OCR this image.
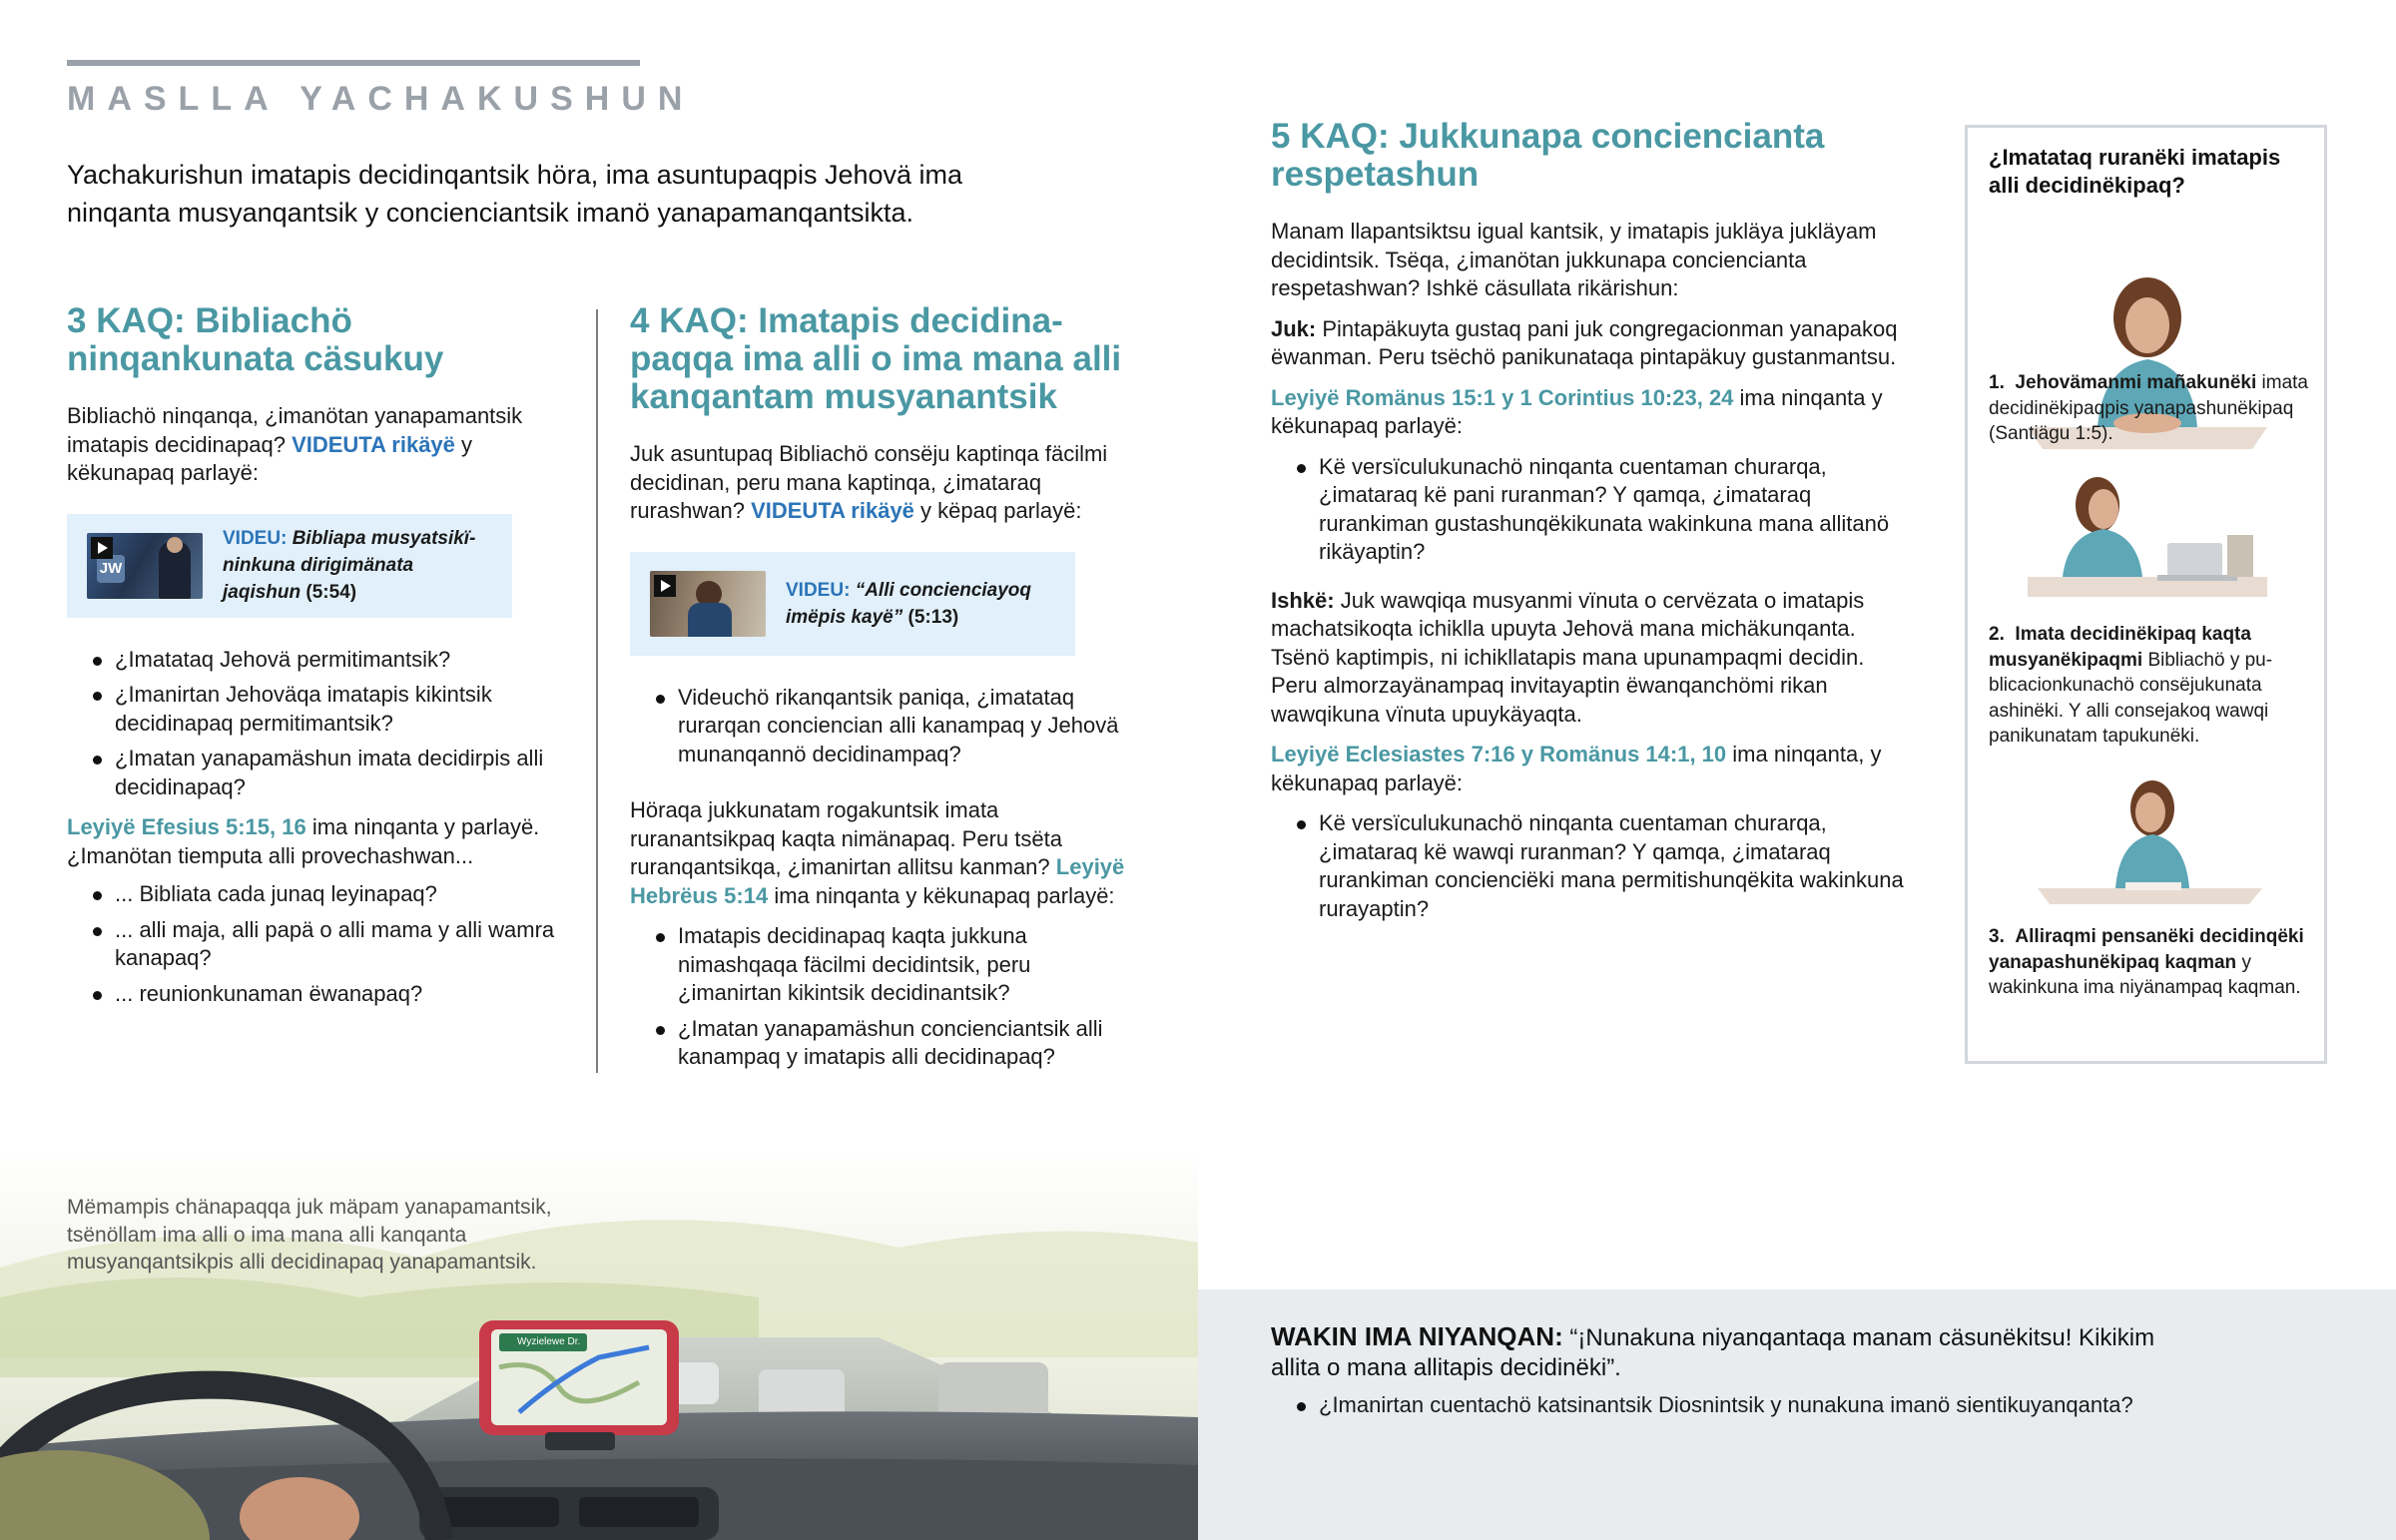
MASLLA YACHAKUSHUN
Yachakurishun imatapis decidinqantsik höra, ima asuntupaqpis Jehovä ima ninqanta musyanqantsik y concienciantsik imanö yanapamanqantsikta.
3 KAQ: Bibliachö ninqankunata cäsukuy

Bibliachö ninqanqa, ¿imanötan yanapamantsik imatapis decidinapaq? VIDEUTA rikäyë y këkunapaq parlayë:

JW
VIDEU: Bibliapa musyatsikïninkuna dirigimänata jaqishun (5:54)
¿Imatataq Jehovä permitimantsik?
¿Imanirtan Jehoväqa imatapis kikintsik decidinapaq permitimantsik?
¿Imatan yanapamäshun imata decidirpis alli decidinapaq?

Leyiyë Efesius 5:15, 16 ima ninqanta y parlayë.
¿Imanötan tiemputa alli provechashwan...

... Bibliata cada junaq leyinapaq?
... alli maja, alli papä o alli mama y alli wamra kanapaq?
... reunionkunaman ëwanapaq?
4 KAQ: Imatapis decidinapaqqa ima alli o ima mana alli kanqantam musyanantsik

Juk asuntupaq Bibliachö consëju kaptinqa fäcilmi decidinan, peru mana kaptinqa, ¿imataraq rurashwan? VIDEUTA rikäyë y këpaq parlayë:

VIDEU: “Alli concienciayoq imëpis kayë” (5:13)
Videuchö rikanqantsik paniqa, ¿imatataq rurarqan conciencian alli kanampaq y Jehovä munanqannö decidinampaq?

Höraqa jukkunatam rogakuntsik imata ruranantsikpaq kaqta nimänapaq. Peru tsëta ruranqantsikqa, ¿imanirtan allitsu kanman? Leyiyë Hebrëus 5:14 ima ninqanta y këkunapaq parlayë:

Imatapis decidinapaq kaqta jukkuna nimashqaqa fäcilmi decidintsik, peru ¿imanirtan kikintsik decidinantsik?
¿Imatan yanapamäshun concienciantsik alli kanampaq y imatapis alli decidinapaq?
5 KAQ: Jukkunapa conciencianta respetashun

Manam llapantsiktsu igual kantsik, y imatapis jukläya jukläyam decidintsik. Tsëqa, ¿imanötan jukkunapa conciencianta respetashwan? Ishkë cäsullata rikärishun:

Juk: Pintapäkuyta gustaq pani juk congregacionman yanapakoq ëwanman. Peru tsëchö panikunataqa pintapäkuy gustanmantsu.

Leyiyë Romänus 15:1 y 1 Corintius 10:23, 24 ima ninqanta y këkunapaq parlayë:

Kë versïculukunachö ninqanta cuentaman churarqa, ¿imataraq kë pani ruranman? Y qamqa, ¿imataraq rurankiman gustashunqëkikunata wakinkuna mana allitanö rikäyaptin?

Ishkë: Juk wawqiqa musyanmi vïnuta o cervëzata o imatapis machatsikoqta ichiklla upuyta Jehovä mana michäkunqanta. Tsënö kaptimpis, ni ichikllatapis mana upunampaqmi decidin. Peru almorzayänampaq invitayaptin ëwanqanchömi rikan wawqikuna vïnuta upuykäyaqta.

Leyiyë Eclesiastes 7:16 y Romänus 14:1, 10 ima ninqanta, y këkunapaq parlayë:

Kë versïculukunachö ninqanta cuentaman churarqa, ¿imataraq kë wawqi ruranman? Y qamqa, ¿imataraq rurankiman concienciëki mana permitishunqëkita wakinkuna rurayaptin?
¿Imatataq ruranëki imatapis alli decidinëkipaq?
1. Jehovämanmi mañakunëki imata decidinëkipaqpis yanapashunëkipaq (Santiägu 1:5).
2. Imata decidinëkipaq kaqta musyanëkipaqmi Bibliachö y publicacionkunachö consëjukunata ashinëki. Y alli consejakoq wawqi panikunatam tapukunëki.
3. Alliraqmi pensanëki decidinqëki yanapashunëkipaq kaqman y wakinkuna ima niyänampaq kaqman.
Wyzielewe Dr.
Mëmampis chänapaqqa juk mäpam yanapamantsik, tsënöllam ima alli o ima mana alli kanqanta musyanqantsikpis alli decidinapaq yanapamantsik.

WAKIN IMA NIYANQAN: “¡Nunakuna niyanqantaqa manam cäsunëkitsu! Kikikim allita o mana allitapis decidinëki”.

¿Imanirtan cuentachö katsinantsik Diosnintsik y nunakuna imanö sientikuyanqanta?
